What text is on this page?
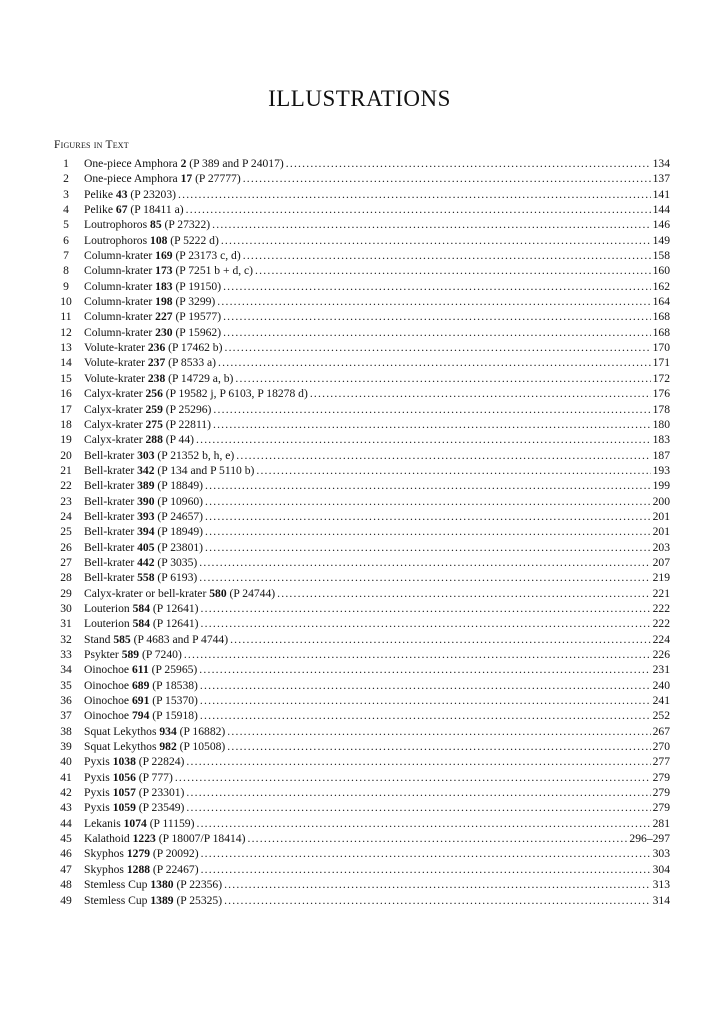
ILLUSTRATIONS
Figures in Text
1	One-piece Amphora 2 (P 389 and P 24017) .....	134
2	One-piece Amphora 17 (P 27777) .....	137
3	Pelike 43 (P 23203) .....	141
4	Pelike 67 (P 18411 a) .....	144
5	Loutrophoros 85 (P 27322) .....	146
6	Loutrophoros 108 (P 5222 d) .....	149
7	Column-krater 169 (P 23173 c, d) .....	158
8	Column-krater 173 (P 7251 b + d, c) .....	160
9	Column-krater 183 (P 19150) .....	162
10	Column-krater 198 (P 3299) .....	164
11	Column-krater 227 (P 19577) .....	168
12	Column-krater 230 (P 15962) .....	168
13	Volute-krater 236 (P 17462 b) .....	170
14	Volute-krater 237 (P 8533 a) .....	171
15	Volute-krater 238 (P 14729 a, b) .....	172
16	Calyx-krater 256 (P 19582 j, P 6103, P 18278 d) .....	176
17	Calyx-krater 259 (P 25296) .....	178
18	Calyx-krater 275 (P 22811) .....	180
19	Calyx-krater 288 (P 44) .....	183
20	Bell-krater 303 (P 21352 b, h, e) .....	187
21	Bell-krater 342 (P 134 and P 5110 b) .....	193
22	Bell-krater 389 (P 18849) .....	199
23	Bell-krater 390 (P 10960) .....	200
24	Bell-krater 393 (P 24657) .....	201
25	Bell-krater 394 (P 18949) .....	201
26	Bell-krater 405 (P 23801) .....	203
27	Bell-krater 442 (P 3035) .....	207
28	Bell-krater 558 (P 6193) .....	219
29	Calyx-krater or bell-krater 580 (P 24744) .....	221
30	Louterion 584 (P 12641) .....	222
31	Louterion 584 (P 12641) .....	222
32	Stand 585 (P 4683 and P 4744) .....	224
33	Psykter 589 (P 7240) .....	226
34	Oinochoe 611 (P 25965) .....	231
35	Oinochoe 689 (P 18538) .....	240
36	Oinochoe 691 (P 15370) .....	241
37	Oinochoe 794 (P 15918) .....	252
38	Squat Lekythos 934 (P 16882) .....	267
39	Squat Lekythos 982 (P 10508) .....	270
40	Pyxis 1038 (P 22824) .....	277
41	Pyxis 1056 (P 777) .....	279
42	Pyxis 1057 (P 23301) .....	279
43	Pyxis 1059 (P 23549) .....	279
44	Lekanis 1074 (P 11159) .....	281
45	Kalathoid 1223 (P 18007/P 18414) .....	296–297
46	Skyphos 1279 (P 20092) .....	303
47	Skyphos 1288 (P 22467) .....	304
48	Stemless Cup 1380 (P 22356) .....	313
49	Stemless Cup 1389 (P 25325) .....	314
